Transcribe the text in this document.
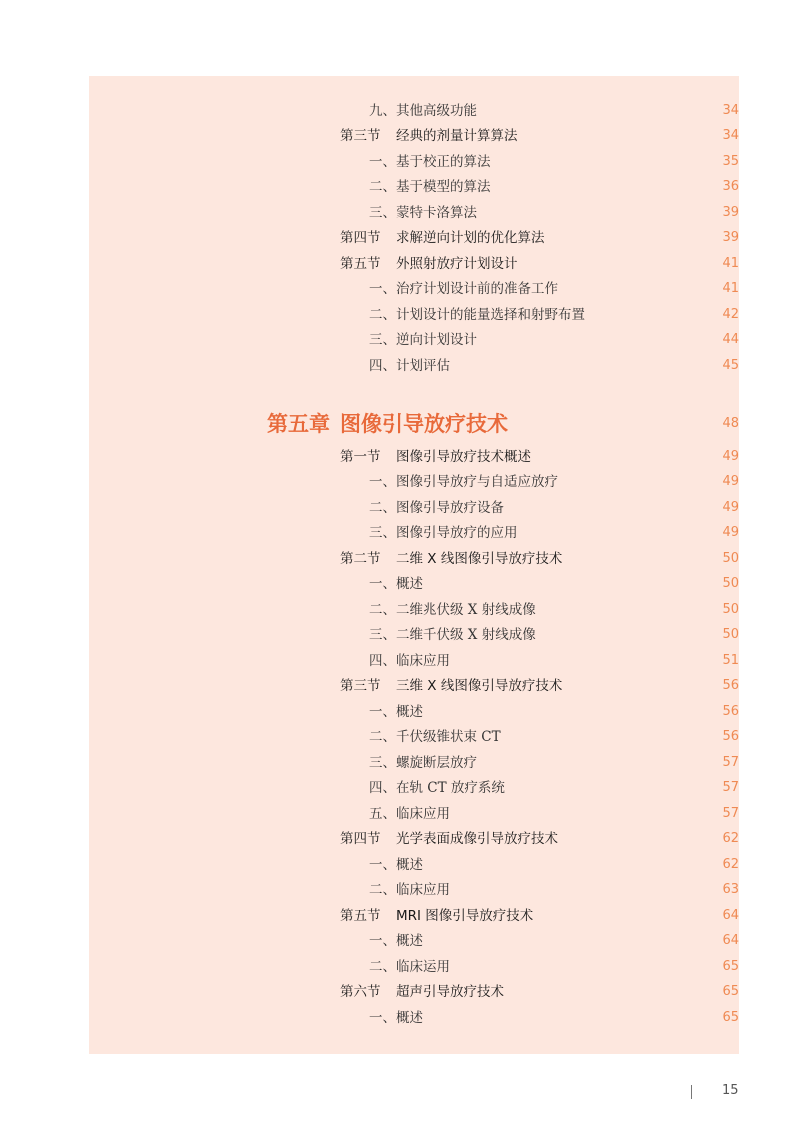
九、其他高级功能	34
第三节 经典的剂量计算算法	34
一、基于校正的算法	35
二、基于模型的算法	36
三、蒙特卡洛算法	39
第四节 求解逆向计划的优化算法	39
第五节 外照射放疗计划设计	41
一、治疗计划设计前的准备工作	41
二、计划设计的能量选择和射野布置	42
三、逆向计划设计	44
四、计划评估	45
第五章 图像引导放疗技术	48
第一节 图像引导放疗技术概述	49
一、图像引导放疗与自适应放疗	49
二、图像引导放疗设备	49
三、图像引导放疗的应用	49
第二节 二维 X 线图像引导放疗技术	50
一、概述	50
二、二维兆伏级 X 射线成像	50
三、二维千伏级 X 射线成像	50
四、临床应用	51
第三节 三维 X 线图像引导放疗技术	56
一、概述	56
二、千伏级锥状束 CT	56
三、螺旋断层放疗	57
四、在轨 CT 放疗系统	57
五、临床应用	57
第四节 光学表面成像引导放疗技术	62
一、概述	62
二、临床应用	63
第五节 MRI 图像引导放疗技术	64
一、概述	64
二、临床运用	65
第六节 超声引导放疗技术	65
一、概述	65
15
